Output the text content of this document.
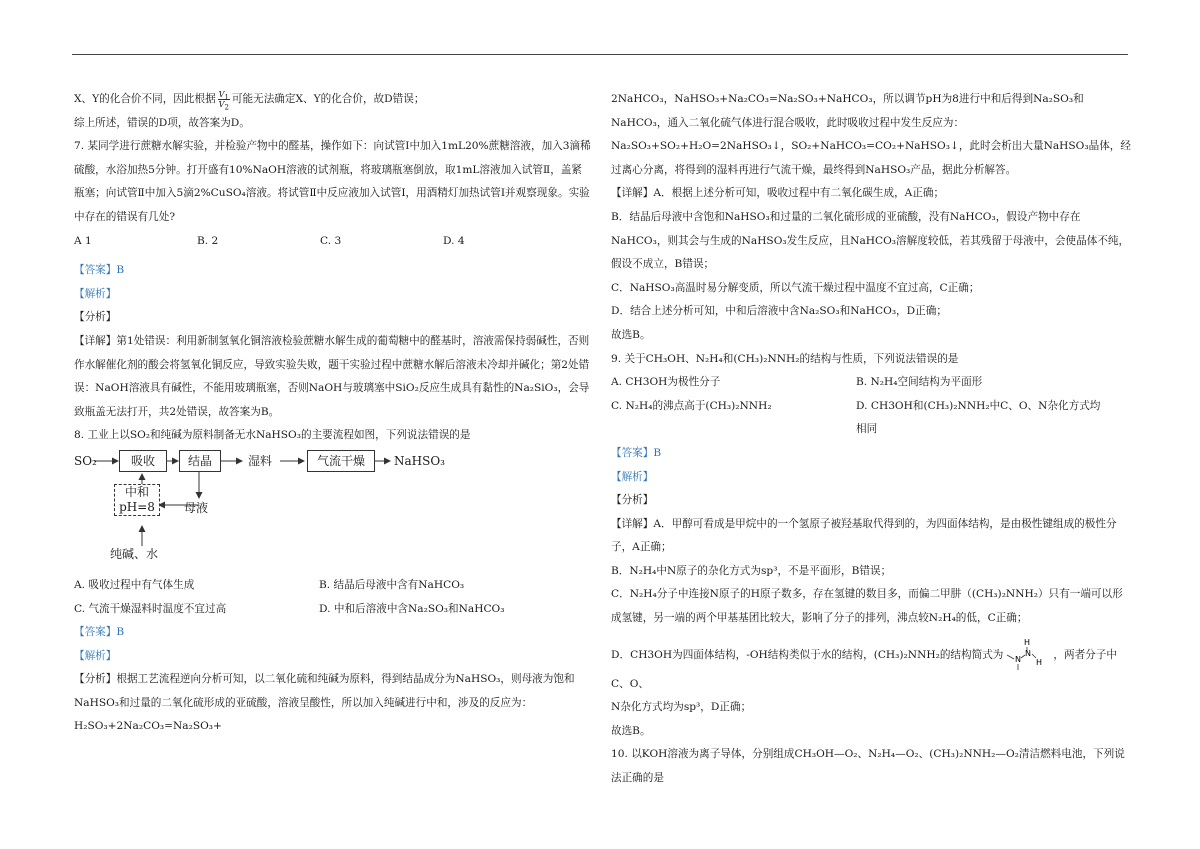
X、Y的化合价不同，因此根据 $\frac{V_1}{V_2}$ 可能无法确定X、Y的化合价，故D错误；

综上所述，错误的D项，故答案为D。

7. 某同学进行蔗糖水解实验，并检验产物中的醛基，操作如下：向试管Ⅰ中加入1mL20%蔗糖溶液，加入3滴稀硫酸，水浴加热5分钟。打开盛有10%NaOH溶液的试剂瓶，将玻璃瓶塞倒放，取1mL溶液加入试管Ⅱ，盖紧瓶塞；向试管Ⅱ中加入5滴2%CuSO₄溶液。将试管Ⅱ中反应液加入试管Ⅰ，用酒精灯加热试管Ⅰ并观察现象。实验中存在的错误有几处?

A 1	B. 2	C. 3	D. 4

【答案】B

【解析】

【分析】

【详解】第1处错误：利用新制氢氧化铜溶液检验蔗糖水解生成的葡萄糖中的醛基时，溶液需保持弱碱性，否则作水解催化剂的酸会将氢氧化铜反应，导致实验失败，题干实验过程中蔗糖水解后溶液未冷却并碱化；第2处错误：NaOH溶液具有碱性，不能用玻璃瓶塞，否则NaOH与玻璃塞中SiO₂反应生成具有黏性的Na₂SiO₃，会导致瓶盖无法打开，共2处错误，故答案为B。

8. 工业上以SO₂和纯碱为原料制备无水NaHSO₃的主要流程如图，下列说法错误的是

SO₂	吸收	结晶	湿料	气流干燥	NaHSO₃
中和
pH=8	母液
纯碱、水

A. 吸收过程中有气体生成	B. 结晶后母液中含有NaHCO₃

C. 气流干燥湿料时温度不宜过高	D. 中和后溶液中含Na₂SO₃和NaHCO₃

【答案】B

【解析】

【分析】根据工艺流程逆向分析可知，以二氧化硫和纯碱为原料，得到结晶成分为NaHSO₃，则母液为饱和NaHSO₃和过量的二氧化硫形成的亚硫酸，溶液呈酸性，所以加入纯碱进行中和，涉及的反应为：H₂SO₃+2Na₂CO₃=Na₂SO₃+

2NaHCO₃，NaHSO₃+Na₂CO₃=Na₂SO₃+NaHCO₃，所以调节pH为8进行中和后得到Na₂SO₃和NaHCO₃，通入二氧化硫气体进行混合吸收，此时吸收过程中发生反应为：Na₂SO₃+SO₂+H₂O=2NaHSO₃↓，SO₂+NaHCO₃=CO₂+NaHSO₃↓，此时会析出大量NaHSO₃晶体，经过离心分离，将得到的湿料再进行气流干燥，最终得到NaHSO₃产品，据此分析解答。

【详解】A．根据上述分析可知，吸收过程中有二氧化碳生成，A正确；

B．结晶后母液中含饱和NaHSO₃和过量的二氧化硫形成的亚硫酸，没有NaHCO₃，假设产物中存在NaHCO₃，则其会与生成的NaHSO₃发生反应，且NaHCO₃溶解度较低，若其残留于母液中，会使晶体不纯，假设不成立，B错误；

C．NaHSO₃高温时易分解变质，所以气流干燥过程中温度不宜过高，C正确；

D．结合上述分析可知，中和后溶液中含Na₂SO₃和NaHCO₃，D正确；

故选B。

9. 关于CH₃OH、N₂H₄和(CH₃)₂NNH₂的结构与性质，下列说法错误的是

A. CH3OH为极性分子	B. N₂H₄空间结构为平面形

C. N₂H₄的沸点高于(CH₃)₂NNH₂	D. CH3OH和(CH₃)₂NNH₂中C、O、N杂化方式均相同

【答案】B

【解析】

【分析】

【详解】A．甲醇可看成是甲烷中的一个氢原子被羟基取代得到的，为四面体结构，是由极性键组成的极性分子，A正确；

B．N₂H₄中N原子的杂化方式为sp³，不是平面形，B错误；

C．N₂H₄分子中连接N原子的H原子数多，存在氢键的数目多，而偏二甲肼（(CH₃)₂NNH₂）只有一端可以形成氢键，另一端的两个甲基基团比较大，影响了分子的排列，沸点较N₂H₄的低，C正确；

D．CH3OH为四面体结构，-OH结构类似于水的结构，(CH₃)₂NNH₂的结构简式为
H
N
N
H
，两者分子中C、O、

N杂化方式均为sp³，D正确；

故选B。

10. 以KOH溶液为离子导体，分别组成CH₃OH—O₂、N₂H₄—O₂、(CH₃)₂NNH₂—O₂清洁燃料电池，下列说法正确的是
